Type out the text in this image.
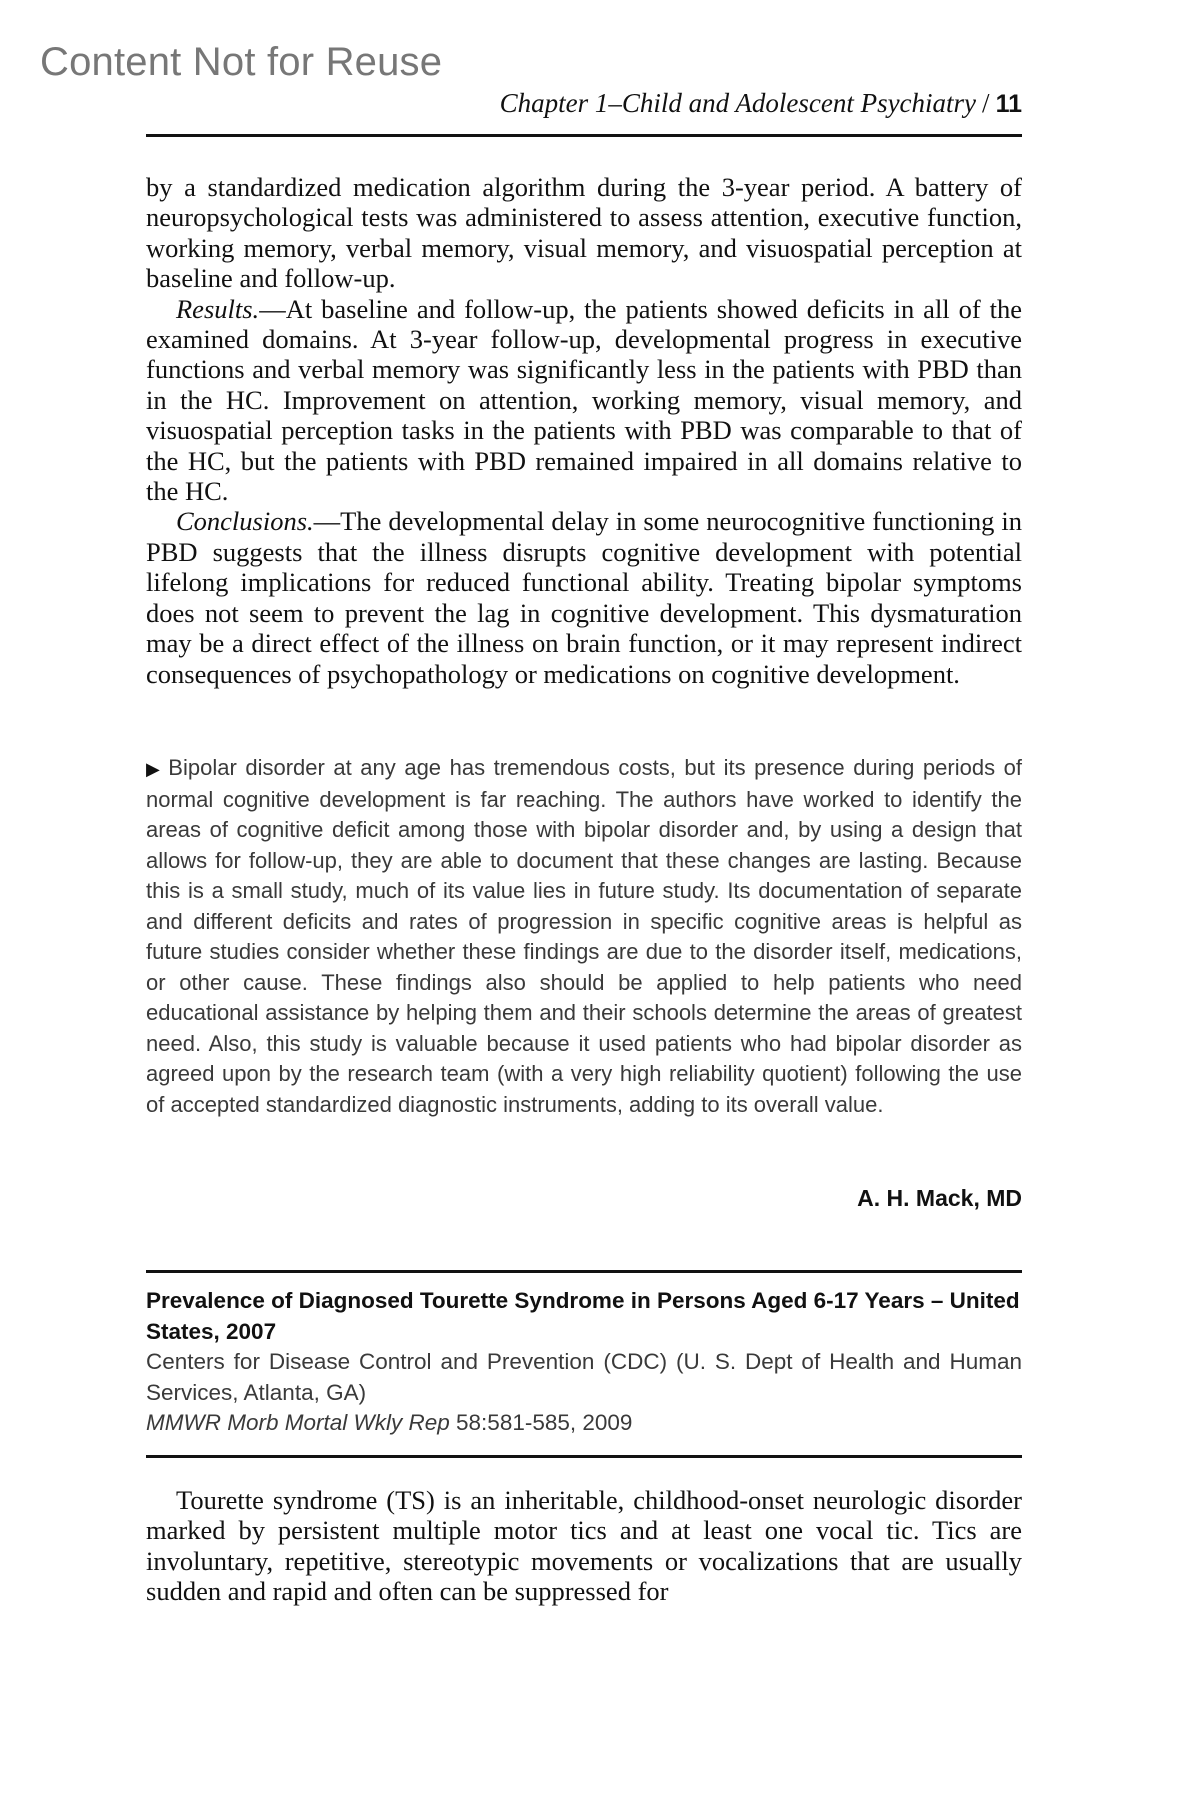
Content Not for Reuse
Chapter 1–Child and Adolescent Psychiatry / 11

by a standardized medication algorithm during the 3-year period. A battery of neuropsychological tests was administered to assess attention, executive function, working memory, verbal memory, visual memory, and visuospatial perception at baseline and follow-up.

Results.—At baseline and follow-up, the patients showed deficits in all of the examined domains. At 3-year follow-up, developmental progress in executive functions and verbal memory was significantly less in the patients with PBD than in the HC. Improvement on attention, working memory, visual memory, and visuospatial perception tasks in the patients with PBD was comparable to that of the HC, but the patients with PBD remained impaired in all domains relative to the HC.

Conclusions.—The developmental delay in some neurocognitive functioning in PBD suggests that the illness disrupts cognitive development with potential lifelong implications for reduced functional ability. Treating bipolar symptoms does not seem to prevent the lag in cognitive development. This dysmaturation may be a direct effect of the illness on brain function, or it may represent indirect consequences of psychopathology or medications on cognitive development.

▶ Bipolar disorder at any age has tremendous costs, but its presence during periods of normal cognitive development is far reaching. The authors have worked to identify the areas of cognitive deficit among those with bipolar disorder and, by using a design that allows for follow-up, they are able to document that these changes are lasting. Because this is a small study, much of its value lies in future study. Its documentation of separate and different deficits and rates of progression in specific cognitive areas is helpful as future studies consider whether these findings are due to the disorder itself, medications, or other cause. These findings also should be applied to help patients who need educational assistance by helping them and their schools determine the areas of greatest need. Also, this study is valuable because it used patients who had bipolar disorder as agreed upon by the research team (with a very high reliability quotient) following the use of accepted standardized diagnostic instruments, adding to its overall value.

A. H. Mack, MD

Prevalence of Diagnosed Tourette Syndrome in Persons Aged 6-17 Years – United States, 2007

Centers for Disease Control and Prevention (CDC) (U. S. Dept of Health and Human Services, Atlanta, GA)

MMWR Morb Mortal Wkly Rep 58:581-585, 2009

Tourette syndrome (TS) is an inheritable, childhood-onset neurologic disorder marked by persistent multiple motor tics and at least one vocal tic. Tics are involuntary, repetitive, stereotypic movements or vocalizations that are usually sudden and rapid and often can be suppressed for
